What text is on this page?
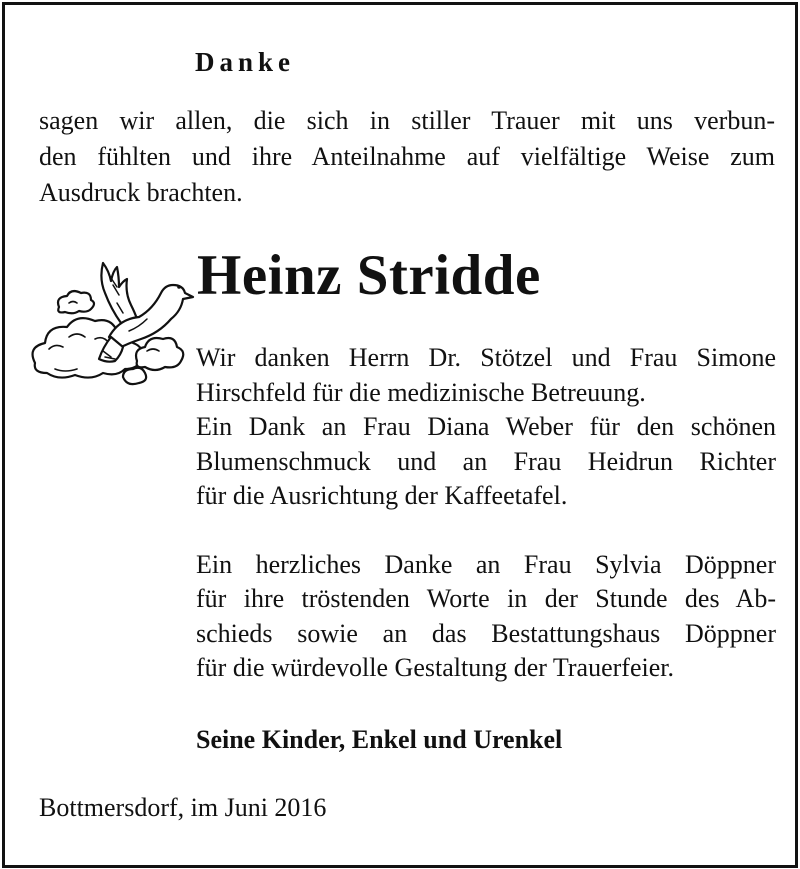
Danke
sagen wir allen, die sich in stiller Trauer mit uns verbun-
den fühlten und ihre Anteilnahme auf vielfältige Weise zum
Ausdruck brachten.
Heinz Stridde
Wir danken Herrn Dr. Stötzel und Frau Simone
Hirschfeld für die medizinische Betreuung.
Ein Dank an Frau Diana Weber für den schönen
Blumenschmuck und an Frau Heidrun Richter
für die Ausrichtung der Kaffeetafel.
Ein herzliches Danke an Frau Sylvia Döppner
für ihre tröstenden Worte in der Stunde des Ab-
schieds sowie an das Bestattungshaus Döppner
für die würdevolle Gestaltung der Trauerfeier.
Seine Kinder, Enkel und Urenkel
Bottmersdorf, im Juni 2016
